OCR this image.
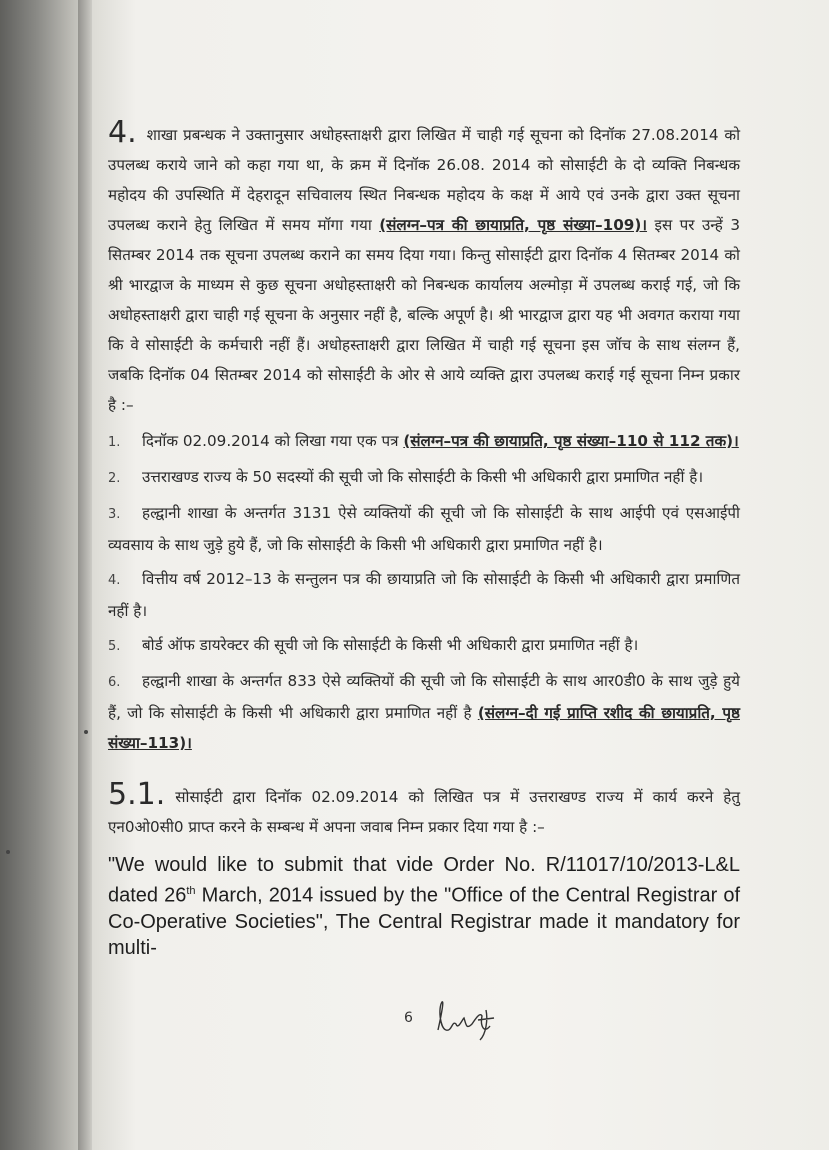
4. शाखा प्रबन्धक ने उक्तानुसार अधोहस्ताक्षरी द्वारा लिखित में चाही गई सूचना को दिनॉक 27.08.2014 को उपलब्ध कराये जाने को कहा गया था, के क्रम में दिनॉक 26.08. 2014 को सोसाईटी के दो व्यक्ति निबन्धक महोदय की उपस्थिति में देहरादून सचिवालय स्थित निबन्धक महोदय के कक्ष में आये एवं उनके द्वारा उक्त सूचना उपलब्ध कराने हेतु लिखित में समय मॉगा गया (संलग्न–पत्र की छायाप्रति, पृष्ठ संख्या–109)। इस पर उन्हें 3 सितम्बर 2014 तक सूचना उपलब्ध कराने का समय दिया गया। किन्तु सोसाईटी द्वारा दिनॉक 4 सितम्बर 2014 को श्री भारद्वाज के माध्यम से कुछ सूचना अधोहस्ताक्षरी को निबन्धक कार्यालय अल्मोड़ा में उपलब्ध कराई गई, जो कि अधोहस्ताक्षरी द्वारा चाही गई सूचना के अनुसार नहीं है, बल्कि अपूर्ण है। श्री भारद्वाज द्वारा यह भी अवगत कराया गया कि वे सोसाईटी के कर्मचारी नहीं हैं। अधोहस्ताक्षरी द्वारा लिखित में चाही गई सूचना इस जॉच के साथ संलग्न हैं, जबकि दिनॉक 04 सितम्बर 2014 को सोसाईटी के ओर से आये व्यक्ति द्वारा उपलब्ध कराई गई सूचना निम्न प्रकार है :–

1. दिनॉक 02.09.2014 को लिखा गया एक पत्र (संलग्न–पत्र की छायाप्रति, पृष्ठ संख्या–110 से 112 तक)।

2. उत्तराखण्ड राज्य के 50 सदस्यों की सूची जो कि सोसाईटी के किसी भी अधिकारी द्वारा प्रमाणित नहीं है।

3. हल्द्वानी शाखा के अन्तर्गत 3131 ऐसे व्यक्तियों की सूची जो कि सोसाईटी के साथ आईपी एवं एसआईपी व्यवसाय के साथ जुड़े हुये हैं, जो कि सोसाईटी के किसी भी अधिकारी द्वारा प्रमाणित नहीं है।

4. वित्तीय वर्ष 2012–13 के सन्तुलन पत्र की छायाप्रति जो कि सोसाईटी के किसी भी अधिकारी द्वारा प्रमाणित नहीं है।

5. बोर्ड ऑफ डायरेक्टर की सूची जो कि सोसाईटी के किसी भी अधिकारी द्वारा प्रमाणित नहीं है।

6. हल्द्वानी शाखा के अन्तर्गत 833 ऐसे व्यक्तियों की सूची जो कि सोसाईटी के साथ आर0डी0 के साथ जुड़े हुये हैं, जो कि सोसाईटी के किसी भी अधिकारी द्वारा प्रमाणित नहीं है (संलग्न–दी गई प्राप्ति रशीद की छायाप्रति, पृष्ठ संख्या–113)।

5.1. सोसाईटी द्वारा दिनॉक 02.09.2014 को लिखित पत्र में उत्तराखण्ड राज्य में कार्य करने हेतु एन0ओ0सी0 प्राप्त करने के सम्बन्ध में अपना जवाब निम्न प्रकार दिया गया है :–

"We would like to submit that vide Order No. R/11017/10/2013-L&L dated 26th March, 2014 issued by the "Office of the Central Registrar of Co-Operative Societies", The Central Registrar made it mandatory for multi-

6
